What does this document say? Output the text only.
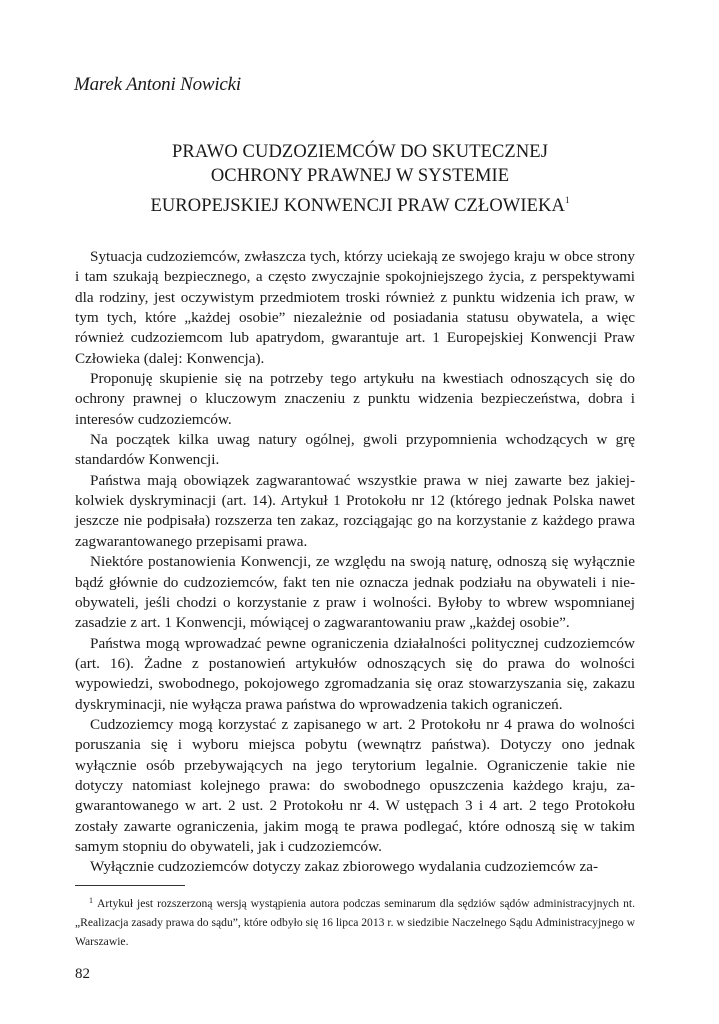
Marek Antoni Nowicki
PRAWO CUDZOZIEMCÓW DO SKUTECZNEJ
OCHRONY PRAWNEJ W SYSTEMIE
EUROPEJSKIEJ KONWENCJI PRAW CZŁOWIEKA$^1$

Sytuacja cudzoziemców, zwłaszcza tych, którzy uciekają ze swojego kraju w obce strony i tam szukają bezpiecznego, a często zwyczajnie spokojniejszego życia, z perspektywami dla rodziny, jest oczywistym przedmiotem troski również z punktu widzenia ich praw, w tym tych, które „każdej osobie” niezależnie od posiadania statusu obywatela, a więc również cudzoziemcom lub apatrydom, gwarantuje art. 1 Europejskiej Konwencji Praw Człowieka (dalej: Konwencja).

Proponuję skupienie się na potrzeby tego artykułu na kwestiach odnoszących się do ochrony prawnej o kluczowym znaczeniu z punktu widzenia bezpieczeństwa, dobra i interesów cudzoziemców.

Na początek kilka uwag natury ogólnej, gwoli przypomnienia wchodzących w grę standardów Konwencji.

Państwa mają obowiązek zagwarantować wszystkie prawa w niej zawarte bez jakiejkolwiek dyskryminacji (art. 14). Artykuł 1 Protokołu nr 12 (którego jednak Polska nawet jeszcze nie podpisała) rozszerza ten zakaz, rozciągając go na korzystanie z każdego prawa zagwarantowanego przepisami prawa.

Niektóre postanowienia Konwencji, ze względu na swoją naturę, odnoszą się wyłącznie bądź głównie do cudzoziemców, fakt ten nie oznacza jednak podziału na obywateli i nie-obywateli, jeśli chodzi o korzystanie z praw i wolności. Byłoby to wbrew wspomnianej zasadzie z art. 1 Konwencji, mówiącej o zagwarantowaniu praw „każdej osobie”.

Państwa mogą wprowadzać pewne ograniczenia działalności politycznej cudzoziemców (art. 16). Żadne z postanowień artykułów odnoszących się do prawa do wolności wypowiedzi, swobodnego, pokojowego zgromadzania się oraz stowarzyszania się, zakazu dyskryminacji, nie wyłącza prawa państwa do wprowadzenia takich ograniczeń.

Cudzoziemcy mogą korzystać z zapisanego w art. 2 Protokołu nr 4 prawa do wolności poruszania się i wyboru miejsca pobytu (wewnątrz państwa). Dotyczy ono jednak wyłącznie osób przebywających na jego terytorium legalnie. Ograniczenie takie nie dotyczy natomiast kolejnego prawa: do swobodnego opuszczenia każdego kraju, zagwarantowanego w art. 2 ust. 2 Protokołu nr 4. W ustępach 3 i 4 art. 2 tego Protokołu zostały zawarte ograniczenia, jakim mogą te prawa podlegać, które odnoszą się w takim samym stopniu do obywateli, jak i cudzoziemców.

Wyłącznie cudzoziemców dotyczy zakaz zbiorowego wydalania cudzoziemców za-

$^1$ Artykuł jest rozszerzoną wersją wystąpienia autora podczas seminarum dla sędziów sądów administracyjnych nt. „Realizacja zasady prawa do sądu”, które odbyło się 16 lipca 2013 r. w siedzibie Naczelnego Sądu Administracyjnego w Warszawie.
82
